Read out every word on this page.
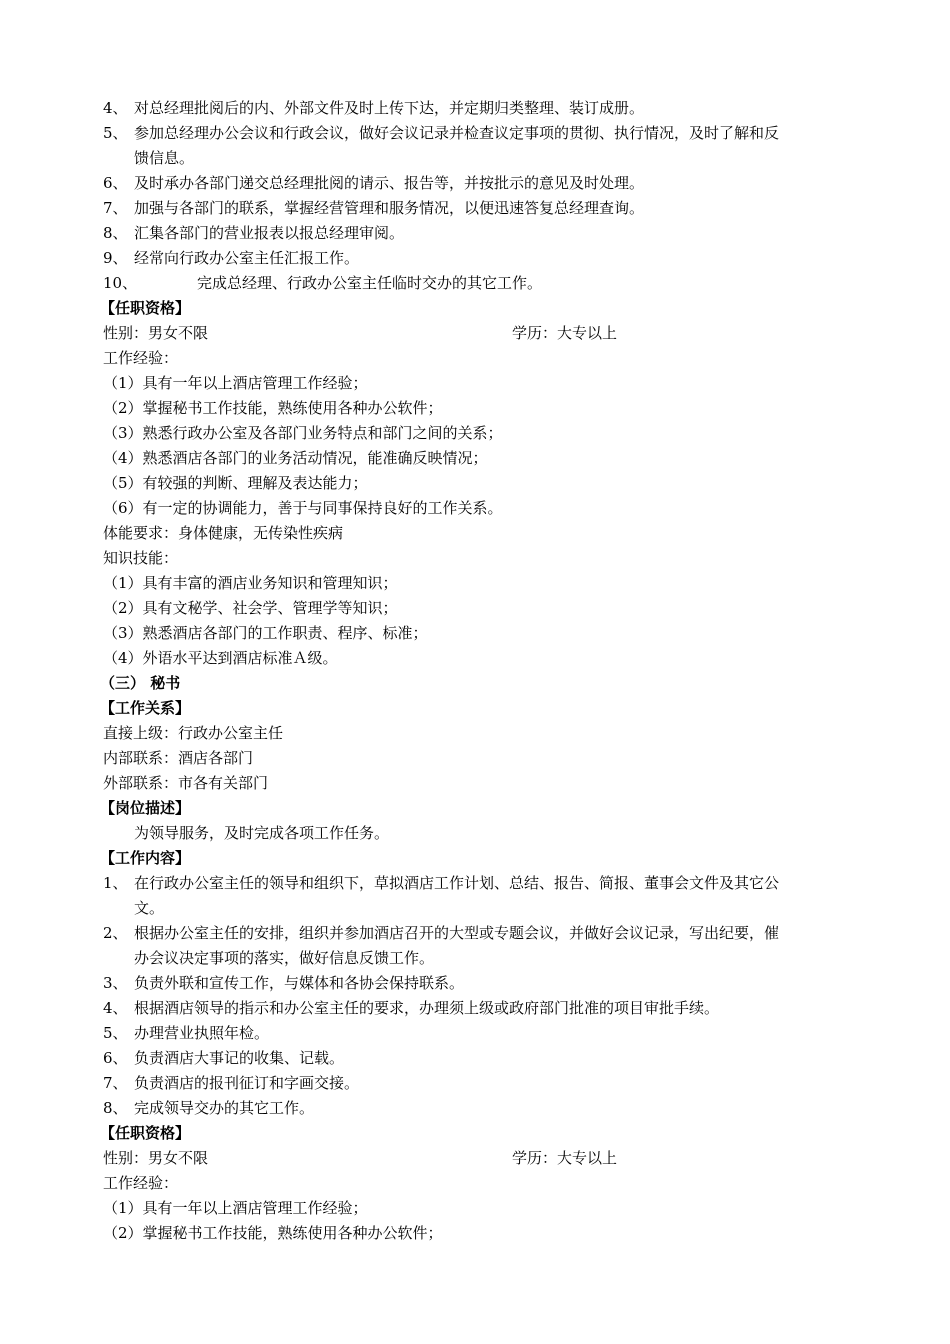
4、 对总经理批阅后的内、外部文件及时上传下达，并定期归类整理、装订成册。
5、 参加总经理办公会议和行政会议，做好会议记录并检查议定事项的贯彻、执行情况，及时了解和反
馈信息。
6、 及时承办各部门递交总经理批阅的请示、报告等，并按批示的意见及时处理。
7、 加强与各部门的联系，掌握经营管理和服务情况，以便迅速答复总经理查询。
8、 汇集各部门的营业报表以报总经理审阅。
9、 经常向行政办公室主任汇报工作。
10、	完成总经理、行政办公室主任临时交办的其它工作。
【任职资格】
性别：男女不限	学历：大专以上
工作经验：
（1）具有一年以上酒店管理工作经验；
（2）掌握秘书工作技能，熟练使用各种办公软件；
（3）熟悉行政办公室及各部门业务特点和部门之间的关系；
（4）熟悉酒店各部门的业务活动情况，能准确反映情况；
（5）有较强的判断、理解及表达能力；
（6）有一定的协调能力，善于与同事保持良好的工作关系。
体能要求：身体健康，无传染性疾病
知识技能：
（1）具有丰富的酒店业务知识和管理知识；
（2）具有文秘学、社会学、管理学等知识；
（3）熟悉酒店各部门的工作职责、程序、标准；
（4）外语水平达到酒店标准Ａ级。
（三） 秘书
【工作关系】
直接上级：行政办公室主任
内部联系：酒店各部门
外部联系：市各有关部门
【岗位描述】
为领导服务，及时完成各项工作任务。
【工作内容】
1、 在行政办公室主任的领导和组织下，草拟酒店工作计划、总结、报告、简报、董事会文件及其它公
文。
2、 根据办公室主任的安排，组织并参加酒店召开的大型或专题会议，并做好会议记录，写出纪要，催
办会议决定事项的落实，做好信息反馈工作。
3、 负责外联和宣传工作，与媒体和各协会保持联系。
4、 根据酒店领导的指示和办公室主任的要求，办理须上级或政府部门批准的项目审批手续。
5、 办理营业执照年检。
6、 负责酒店大事记的收集、记载。
7、 负责酒店的报刊征订和字画交接。
8、 完成领导交办的其它工作。
【任职资格】
性别：男女不限	学历：大专以上
工作经验：
（1）具有一年以上酒店管理工作经验；
（2）掌握秘书工作技能，熟练使用各种办公软件；
